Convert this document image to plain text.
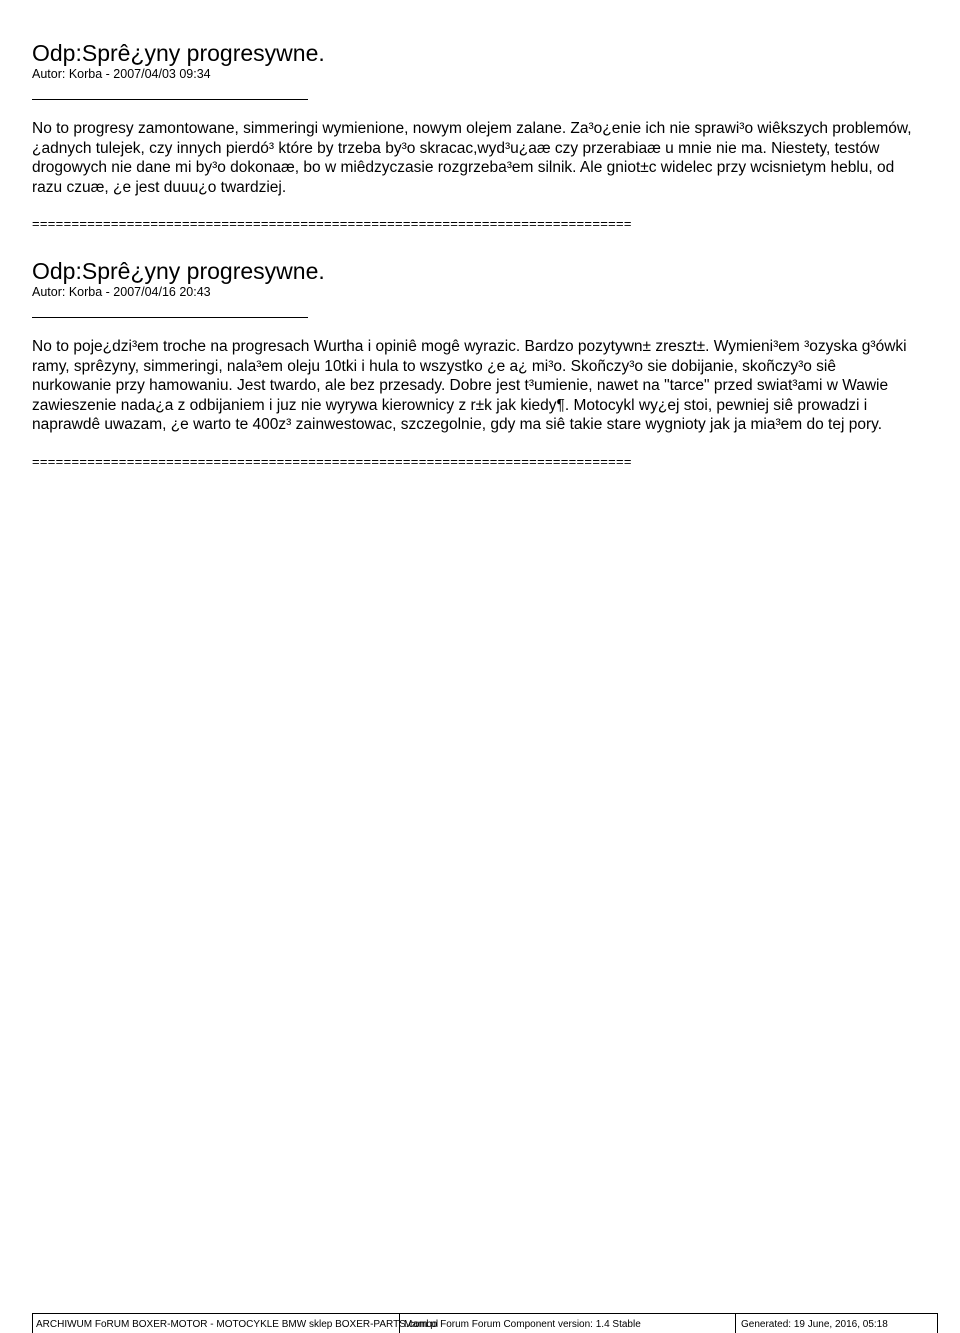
Odp:Sprê¿yny progresywne.
Autor: Korba - 2007/04/03 09:34

No to progresy zamontowane, simmeringi wymienione, nowym olejem zalane. Za³o¿enie ich nie sprawi³o wiêkszych problemów, ¿adnych tulejek, czy innych pierdó³ które by trzeba by³o skracac,wyd³u¿aæ czy przerabiaæ u mnie nie ma. Niestety, testów drogowych nie dane mi by³o dokonaæ, bo w miêdzyczasie rozgrzeba³em silnik. Ale gniot±c widelec przy wcisnietym heblu, od razu czuæ, ¿e jest duuu¿o twardziej.

============================================================================
Odp:Sprê¿yny progresywne.
Autor: Korba - 2007/04/16 20:43

No to poje¿dzi³em troche na progresach Wurtha i opiniê mogê wyrazic. Bardzo pozytywn± zreszt±. Wymieni³em ³ozyska g³ówki ramy, sprêzyny, simmeringi, nala³em oleju 10tki i hula to wszystko ¿e a¿ mi³o. Skoñczy³o sie dobijanie, skoñczy³o siê nurkowanie przy hamowaniu. Jest twardo, ale bez przesady. Dobre jest t³umienie, nawet na "tarce" przed swiat³ami w Wawie zawieszenie nada¿a z odbijaniem i juz nie wyrywa kierownicy z r±k jak kiedy¶. Motocykl wy¿ej stoi, pewniej siê prowadzi i naprawdê uwazam, ¿e warto te 400z³ zainwestowac, szczegolnie, gdy ma siê takie stare wygnioty jak ja mia³em do tej pory.

============================================================================
ARCHIWUM FoRUM BOXER-MOTOR - MOTOCYKLE BMW sklep BOXER-PARTS.com.pl
Mambo Forum Forum Component version: 1.4 Stable	Generated: 19 June, 2016, 05:18
